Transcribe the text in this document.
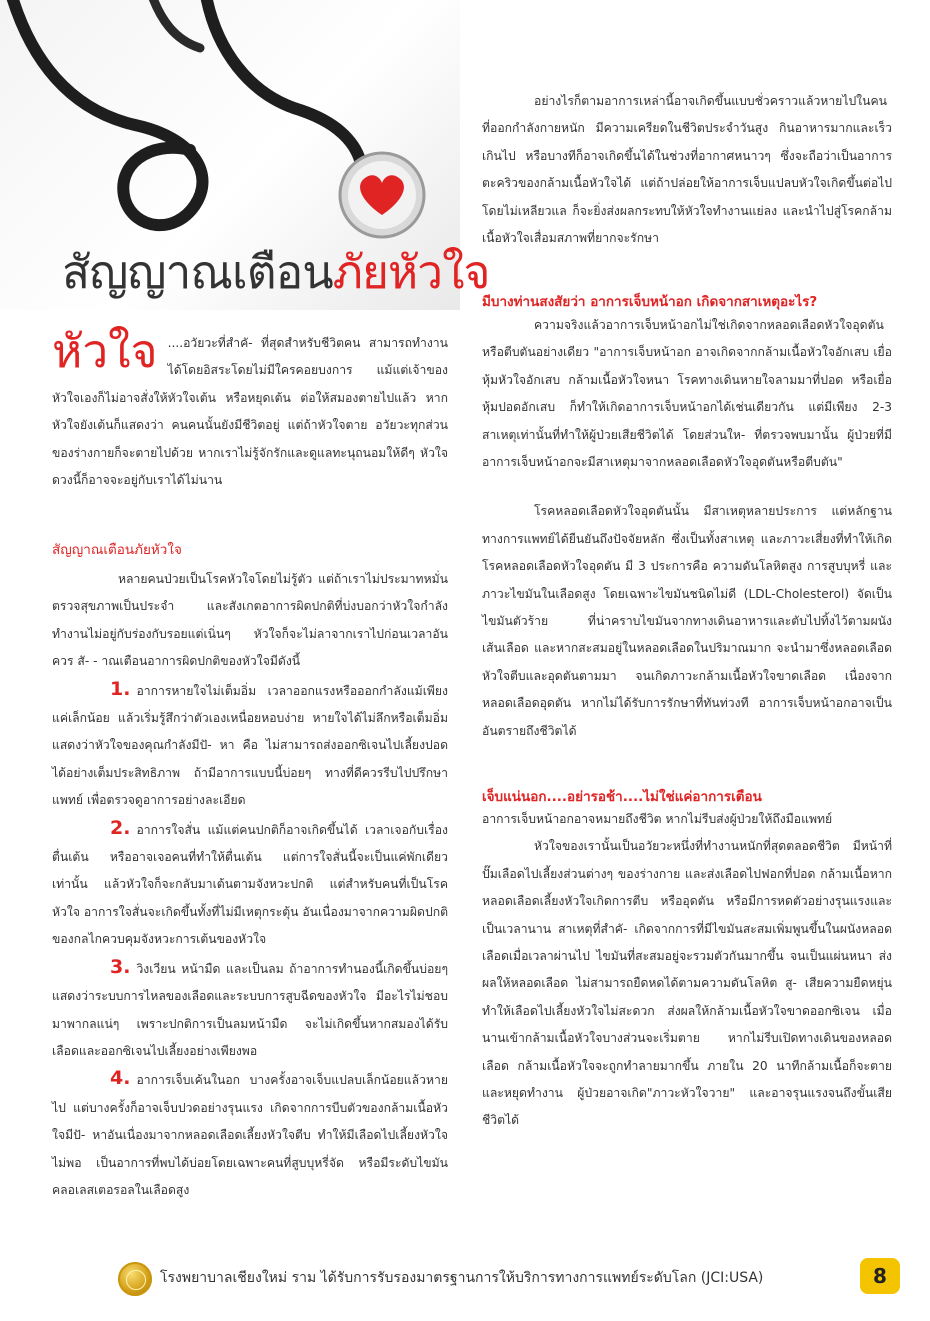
สัญญาณเตือนภัยหัวใจ

อย่างไรก็ตามอาการเหล่านี้อาจเกิดขึ้นแบบชั่วคราวแล้วหายไปในคนที่ออกกำลังกายหนัก มีความเครียดในชีวิตประจำวันสูง กินอาหารมากและเร็วเกินไป หรือบางทีก็อาจเกิดขึ้นได้ในช่วงที่อากาศหนาวๆ ซึ่งจะถือว่าเป็นอาการตะคริวของกล้ามเนื้อหัวใจได้ แต่ถ้าปล่อยให้อาการเจ็บแปลบหัวใจเกิดขึ้นต่อไปโดยไม่เหลียวแล ก็จะยิ่งส่งผลกระทบให้หัวใจทำงานแย่ลง และนำไปสู่โรคกล้ามเนื้อหัวใจเสื่อมสภาพที่ยากจะรักษา

หัวใจ ....อวัยวะที่สำคั- ที่สุดสำหรับชีวิตคน สามารถทำงานได้โดยอิสระโดยไม่มีใครคอยบงการ แม้แต่เจ้าของหัวใจเองก็ไม่อาจสั่งให้หัวใจเต้น หรือหยุดเต้น ต่อให้สมองตายไปแล้ว หากหัวใจยังเต้นก็แสดงว่า คนคนนั้นยังมีชีวิตอยู่ แต่ถ้าหัวใจตาย อวัยวะทุกส่วนของร่างกายก็จะตายไปด้วย หากเราไม่รู้จักรักและดูแลทะนุถนอมให้ดีๆ หัวใจดวงนี้ก็อาจจะอยู่กับเราได้ไม่นาน
สัญญาณเตือนภัยหัวใจ

หลายคนป่วยเป็นโรคหัวใจโดยไม่รู้ตัว แต่ถ้าเราไม่ประมาทหมั่นตรวจสุขภาพเป็นประจำ และสังเกตอาการผิดปกติที่บ่งบอกว่าหัวใจกำลังทำงานไม่อยู่กับร่องกับรอยแต่เนิ่นๆ หัวใจก็จะไม่ลาจากเราไปก่อนเวลาอันควร สั- - าณเตือนอาการผิดปกติของหัวใจมีดังนี้

1. อาการหายใจไม่เต็มอิ่ม เวลาออกแรงหรือออกกำลังแม้เพียงแค่เล็กน้อย แล้วเริ่มรู้สึกว่าตัวเองเหนื่อยหอบง่าย หายใจได้ไม่ลึกหรือเต็มอิ่ม แสดงว่าหัวใจของคุณกำลังมีปั- หา คือ ไม่สามารถส่งออกซิเจนไปเลี้ยงปอดได้อย่างเต็มประสิทธิภาพ ถ้ามีอาการแบบนี้บ่อยๆ ทางที่ดีควรรีบไปปรึกษาแพทย์ เพื่อตรวจดูอาการอย่างละเอียด

2. อาการใจสั่น แม้แต่คนปกติก็อาจเกิดขึ้นได้ เวลาเจอกับเรื่องตื่นเต้น หรืออาจเจอคนที่ทำให้ตื่นเต้น แต่การใจสั่นนี้จะเป็นแค่พักเดียวเท่านั้น แล้วหัวใจก็จะกลับมาเต้นตามจังหวะปกติ แต่สำหรับคนที่เป็นโรคหัวใจ อาการใจสั่นจะเกิดขึ้นทั้งที่ไม่มีเหตุกระตุ้น อันเนื่องมาจากความผิดปกติของกลไกควบคุมจังหวะการเต้นของหัวใจ

3. วิงเวียน หน้ามืด และเป็นลม ถ้าอาการทำนองนี้เกิดขึ้นบ่อยๆ แสดงว่าระบบการไหลของเลือดและระบบการสูบฉีดของหัวใจ มีอะไรไม่ชอบมาพากลแน่ๆ เพราะปกติการเป็นลมหน้ามืด จะไม่เกิดขึ้นหากสมองได้รับเลือดและออกซิเจนไปเลี้ยงอย่างเพียงพอ

4. อาการเจ็บเค้นในอก บางครั้งอาจเจ็บแปลบเล็กน้อยแล้วหายไป แต่บางครั้งก็อาจเจ็บปวดอย่างรุนแรง เกิดจากการบีบตัวของกล้ามเนื้อหัวใจมีปั- หาอันเนื่องมาจากหลอดเลือดเลี้ยงหัวใจตีบ ทำให้มีเลือดไปเลี้ยงหัวใจไม่พอ เป็นอาการที่พบได้บ่อยโดยเฉพาะคนที่สูบบุหรี่จัด หรือมีระดับไขมันคลอเลสเตอรอลในเลือดสูง

มีบางท่านสงสัยว่า อาการเจ็บหน้าอก เกิดจากสาเหตุอะไร?

ความจริงแล้วอาการเจ็บหน้าอกไม่ใช่เกิดจากหลอดเลือดหัวใจอุดตันหรือตีบตันอย่างเดียว "อาการเจ็บหน้าอก อาจเกิดจากกล้ามเนื้อหัวใจอักเสบ เยื่อหุ้มหัวใจอักเสบ กล้ามเนื้อหัวใจหนา โรคทางเดินหายใจลามมาที่ปอด หรือเยื่อหุ้มปอดอักเสบ ก็ทำให้เกิดอาการเจ็บหน้าอกได้เช่นเดียวกัน แต่มีเพียง 2-3 สาเหตุเท่านั้นที่ทำให้ผู้ป่วยเสียชีวิตได้ โดยส่วนให- ที่ตรวจพบมานั้น ผู้ป่วยที่มีอาการเจ็บหน้าอกจะมีสาเหตุมาจากหลอดเลือดหัวใจอุดตันหรือตีบตัน"

โรคหลอดเลือดหัวใจอุดตันนั้น มีสาเหตุหลายประการ แต่หลักฐานทางการแพทย์ได้ยืนยันถึงปัจจัยหลัก ซึ่งเป็นทั้งสาเหตุ และภาวะเสี่ยงที่ทำให้เกิดโรคหลอดเลือดหัวใจอุดตัน มี 3 ประการคือ ความดันโลหิตสูง การสูบบุหรี่ และภาวะไขมันในเลือดสูง โดยเฉพาะไขมันชนิดไม่ดี (LDL-Cholesterol) จัดเป็นไขมันตัวร้าย ที่น่าคราบไขมันจากทางเดินอาหารและตับไปทิ้งไว้ตามผนังเส้นเลือด และหากสะสมอยู่ในหลอดเลือดในปริมาณมาก จะนำมาซึ่งหลอดเลือดหัวใจตีบและอุดตันตามมา จนเกิดภาวะกล้ามเนื้อหัวใจขาดเลือด เนื่องจากหลอดเลือดอุดตัน หากไม่ได้รับการรักษาที่ทันท่วงที อาการเจ็บหน้าอกอาจเป็นอันตรายถึงชีวิตได้

เจ็บแน่นอก....อย่ารอช้า....ไม่ใช่แค่อาการเตือน

อาการเจ็บหน้าอกอาจหมายถึงชีวิต หากไม่รีบส่งผู้ป่วยให้ถึงมือแพทย์

หัวใจของเรานั้นเป็นอวัยวะหนึ่งที่ทำงานหนักที่สุดตลอดชีวิต มีหน้าที่ปั๊มเลือดไปเลี้ยงส่วนต่างๆ ของร่างกาย และส่งเลือดไปฟอกที่ปอด กล้ามเนื้อหากหลอดเลือดเลี้ยงหัวใจเกิดการตีบ หรืออุดตัน หรือมีการหดตัวอย่างรุนแรงและเป็นเวลานาน สาเหตุที่สำคั- เกิดจากการที่มีไขมันสะสมเพิ่มพูนขึ้นในผนังหลอดเลือดเมื่อเวลาผ่านไป ไขมันที่สะสมอยู่จะรวมตัวกันมากขึ้น จนเป็นแผ่นหนา ส่งผลให้หลอดเลือด ไม่สามารถยืดหดได้ตามความดันโลหิต สู- เสียความยืดหยุ่น ทำให้เลือดไปเลี้ยงหัวใจไม่สะดวก ส่งผลให้กล้ามเนื้อหัวใจขาดออกซิเจน เมื่อนานเข้ากล้ามเนื้อหัวใจบางส่วนจะเริ่มตาย หากไม่รีบเปิดทางเดินของหลอดเลือด กล้ามเนื้อหัวใจจะถูกทำลายมากขึ้น ภายใน 20 นาทีกล้ามเนื้อก็จะตาย และหยุดทำงาน ผู้ป่วยอาจเกิด"ภาวะหัวใจวาย" และอาจรุนแรงจนถึงขั้นเสียชีวิตได้

โรงพยาบาลเชียงใหม่ ราม ได้รับการรับรองมาตรฐานการให้บริการทางการแพทย์ระดับโลก (JCI:USA)	8
